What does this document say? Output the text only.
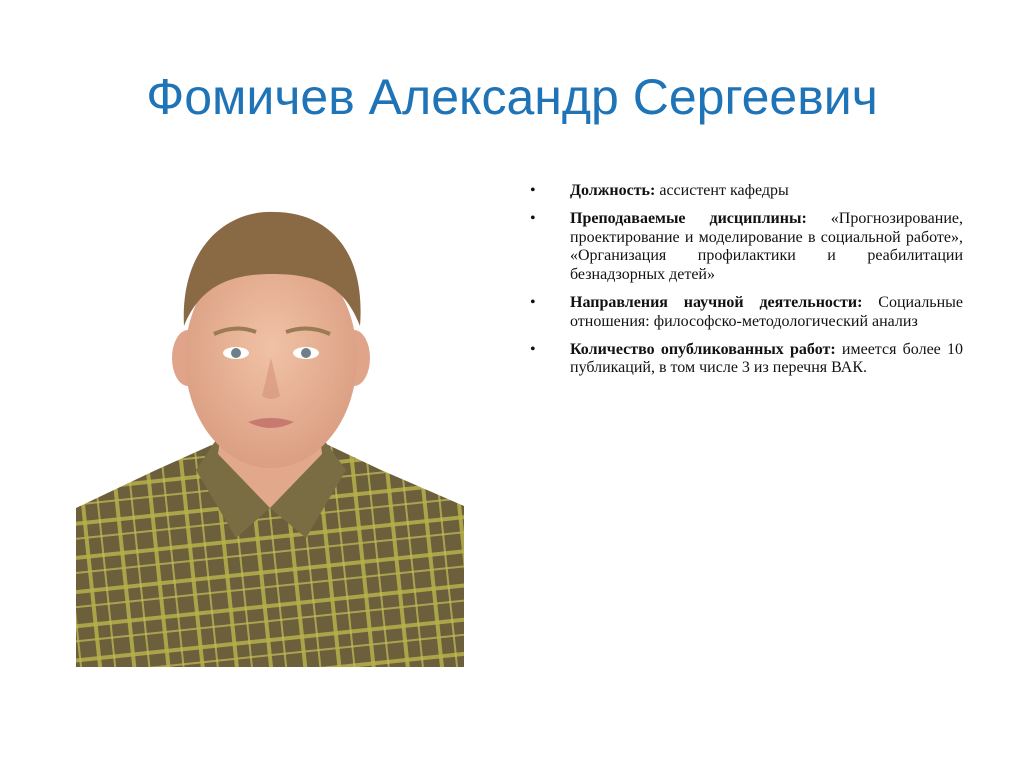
Фомичев Александр Сергеевич
• Должность: ассистент кафедры
• Преподаваемые дисциплины: «Прогнозирование, проектирование и моделирование в социальной работе», «Организация профилактики и реабилитации безнадзорных детей»
• Направления научной деятельности: Социальные отношения: философско-методологический анализ
• Количество опубликованных работ: имеется более 10 публикаций, в том числе 3 из перечня ВАК.
